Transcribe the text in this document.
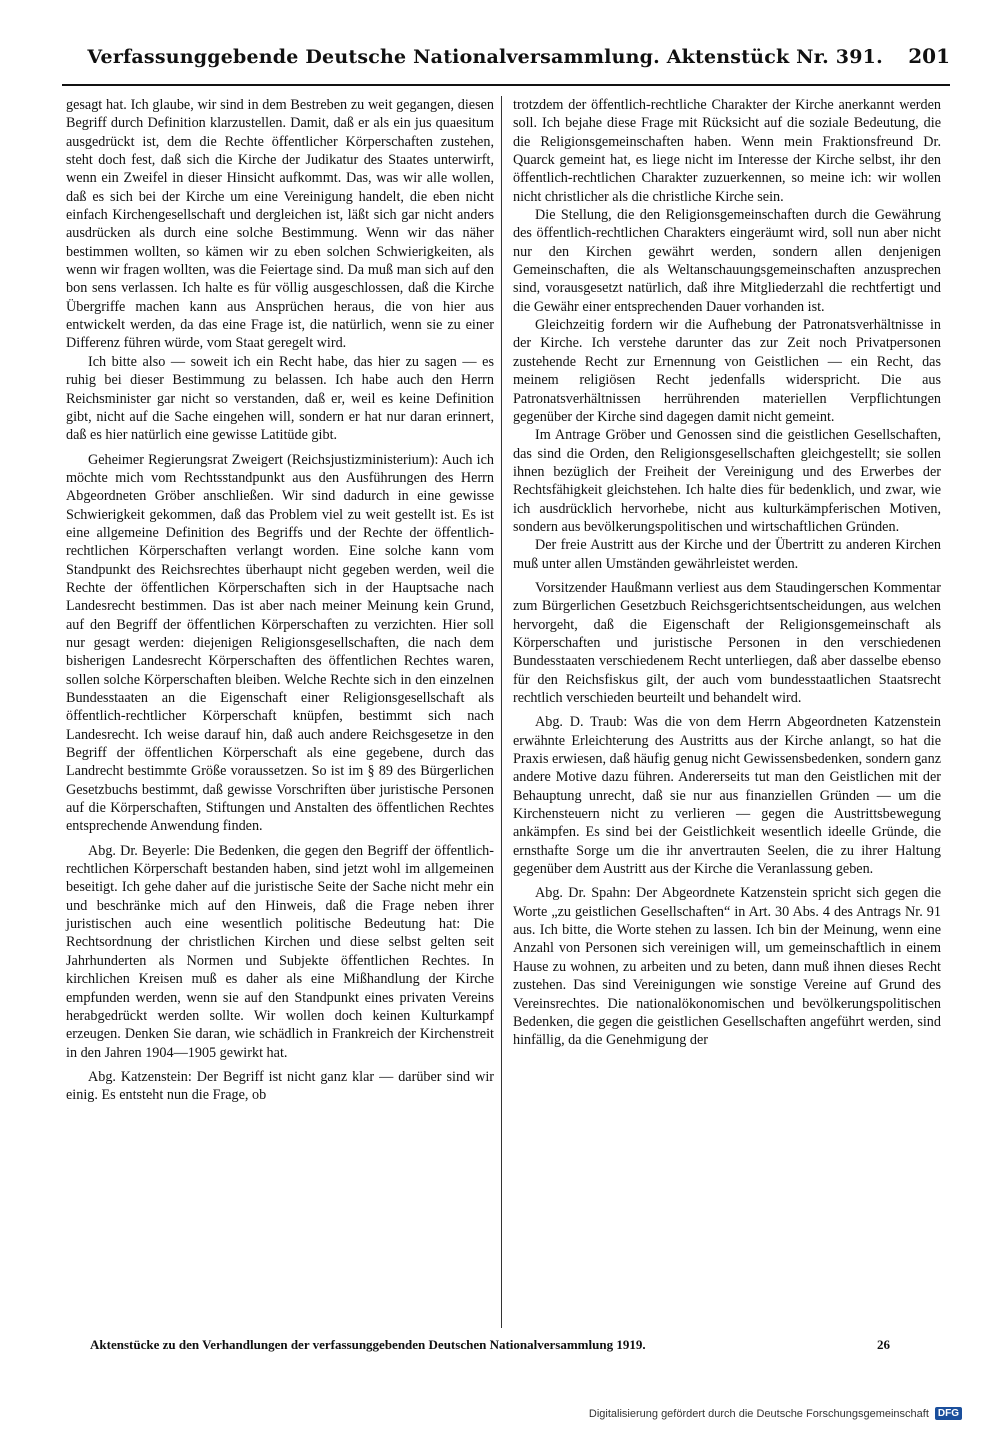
Verfassunggebende Deutsche Nationalversammlung. Aktenstück Nr. 391.	201

gesagt hat. Ich glaube, wir sind in dem Bestreben zu weit gegangen, diesen Begriff durch Definition klarzustellen. Damit, daß er als ein jus quaesitum ausgedrückt ist, dem die Rechte öffentlicher Körperschaften zustehen, steht doch fest, daß sich die Kirche der Judikatur des Staates unterwirft, wenn ein Zweifel in dieser Hinsicht aufkommt. Das, was wir alle wollen, daß es sich bei der Kirche um eine Vereinigung handelt, die eben nicht einfach Kirchengesellschaft und dergleichen ist, läßt sich gar nicht anders ausdrücken als durch eine solche Bestimmung. Wenn wir das näher bestimmen wollten, so kämen wir zu eben solchen Schwierigkeiten, als wenn wir fragen wollten, was die Feiertage sind. Da muß man sich auf den bon sens verlassen. Ich halte es für völlig ausgeschlossen, daß die Kirche Übergriffe machen kann aus Ansprüchen heraus, die von hier aus entwickelt werden, da das eine Frage ist, die natürlich, wenn sie zu einer Differenz führen würde, vom Staat geregelt wird.

Ich bitte also — soweit ich ein Recht habe, das hier zu sagen — es ruhig bei dieser Bestimmung zu belassen. Ich habe auch den Herrn Reichsminister gar nicht so verstanden, daß er, weil es keine Definition gibt, nicht auf die Sache eingehen will, sondern er hat nur daran erinnert, daß es hier natürlich eine gewisse Latitüde gibt.

Geheimer Regierungsrat Zweigert (Reichsjustizministerium): Auch ich möchte mich vom Rechtsstandpunkt aus den Ausführungen des Herrn Abgeordneten Gröber anschließen. Wir sind dadurch in eine gewisse Schwierigkeit gekommen, daß das Problem viel zu weit gestellt ist. Es ist eine allgemeine Definition des Begriffs und der Rechte der öffentlich-rechtlichen Körperschaften verlangt worden. Eine solche kann vom Standpunkt des Reichsrechtes überhaupt nicht gegeben werden, weil die Rechte der öffentlichen Körperschaften sich in der Hauptsache nach Landesrecht bestimmen. Das ist aber nach meiner Meinung kein Grund, auf den Begriff der öffentlichen Körperschaften zu verzichten. Hier soll nur gesagt werden: diejenigen Religionsgesellschaften, die nach dem bisherigen Landesrecht Körperschaften des öffentlichen Rechtes waren, sollen solche Körperschaften bleiben. Welche Rechte sich in den einzelnen Bundesstaaten an die Eigenschaft einer Religionsgesellschaft als öffentlich-rechtlicher Körperschaft knüpfen, bestimmt sich nach Landesrecht. Ich weise darauf hin, daß auch andere Reichsgesetze in den Begriff der öffentlichen Körperschaft als eine gegebene, durch das Landrecht bestimmte Größe voraussetzen. So ist im § 89 des Bürgerlichen Gesetzbuchs bestimmt, daß gewisse Vorschriften über juristische Personen auf die Körperschaften, Stiftungen und Anstalten des öffentlichen Rechtes entsprechende Anwendung finden.

Abg. Dr. Beyerle: Die Bedenken, die gegen den Begriff der öffentlich-rechtlichen Körperschaft bestanden haben, sind jetzt wohl im allgemeinen beseitigt. Ich gehe daher auf die juristische Seite der Sache nicht mehr ein und beschränke mich auf den Hinweis, daß die Frage neben ihrer juristischen auch eine wesentlich politische Bedeutung hat: Die Rechtsordnung der christlichen Kirchen und diese selbst gelten seit Jahrhunderten als Normen und Subjekte öffentlichen Rechtes. In kirchlichen Kreisen muß es daher als eine Mißhandlung der Kirche empfunden werden, wenn sie auf den Standpunkt eines privaten Vereins herabgedrückt werden sollte. Wir wollen doch keinen Kulturkampf erzeugen. Denken Sie daran, wie schädlich in Frankreich der Kirchenstreit in den Jahren 1904—1905 gewirkt hat.

Abg. Katzenstein: Der Begriff ist nicht ganz klar — darüber sind wir einig. Es entsteht nun die Frage, ob

trotzdem der öffentlich-rechtliche Charakter der Kirche anerkannt werden soll. Ich bejahe diese Frage mit Rücksicht auf die soziale Bedeutung, die die Religionsgemeinschaften haben. Wenn mein Fraktionsfreund Dr. Quarck gemeint hat, es liege nicht im Interesse der Kirche selbst, ihr den öffentlich-rechtlichen Charakter zuzuerkennen, so meine ich: wir wollen nicht christlicher als die christliche Kirche sein.

Die Stellung, die den Religionsgemeinschaften durch die Gewährung des öffentlich-rechtlichen Charakters eingeräumt wird, soll nun aber nicht nur den Kirchen gewährt werden, sondern allen denjenigen Gemeinschaften, die als Weltanschauungsgemeinschaften anzusprechen sind, vorausgesetzt natürlich, daß ihre Mitgliederzahl die rechtfertigt und die Gewähr einer entsprechenden Dauer vorhanden ist.

Gleichzeitig fordern wir die Aufhebung der Patronatsverhältnisse in der Kirche. Ich verstehe darunter das zur Zeit noch Privatpersonen zustehende Recht zur Ernennung von Geistlichen — ein Recht, das meinem religiösen Recht jedenfalls widerspricht. Die aus Patronatsverhältnissen herrührenden materiellen Verpflichtungen gegenüber der Kirche sind dagegen damit nicht gemeint.

Im Antrage Gröber und Genossen sind die geistlichen Gesellschaften, das sind die Orden, den Religionsgesellschaften gleichgestellt; sie sollen ihnen bezüglich der Freiheit der Vereinigung und des Erwerbes der Rechtsfähigkeit gleichstehen. Ich halte dies für bedenklich, und zwar, wie ich ausdrücklich hervorhebe, nicht aus kulturkämpferischen Motiven, sondern aus bevölkerungspolitischen und wirtschaftlichen Gründen.

Der freie Austritt aus der Kirche und der Übertritt zu anderen Kirchen muß unter allen Umständen gewährleistet werden.

Vorsitzender Haußmann verliest aus dem Staudingerschen Kommentar zum Bürgerlichen Gesetzbuch Reichsgerichtsentscheidungen, aus welchen hervorgeht, daß die Eigenschaft der Religionsgemeinschaft als Körperschaften und juristische Personen in den verschiedenen Bundesstaaten verschiedenem Recht unterliegen, daß aber dasselbe ebenso für den Reichsfiskus gilt, der auch vom bundesstaatlichen Staatsrecht rechtlich verschieden beurteilt und behandelt wird.

Abg. D. Traub: Was die von dem Herrn Abgeordneten Katzenstein erwähnte Erleichterung des Austritts aus der Kirche anlangt, so hat die Praxis erwiesen, daß häufig genug nicht Gewissensbedenken, sondern ganz andere Motive dazu führen. Andererseits tut man den Geistlichen mit der Behauptung unrecht, daß sie nur aus finanziellen Gründen — um die Kirchensteuern nicht zu verlieren — gegen die Austrittsbewegung ankämpfen. Es sind bei der Geistlichkeit wesentlich ideelle Gründe, die ernsthafte Sorge um die ihr anvertrauten Seelen, die zu ihrer Haltung gegenüber dem Austritt aus der Kirche die Veranlassung geben.

Abg. Dr. Spahn: Der Abgeordnete Katzenstein spricht sich gegen die Worte „zu geistlichen Gesellschaften“ in Art. 30 Abs. 4 des Antrags Nr. 91 aus. Ich bitte, die Worte stehen zu lassen. Ich bin der Meinung, wenn eine Anzahl von Personen sich vereinigen will, um gemeinschaftlich in einem Hause zu wohnen, zu arbeiten und zu beten, dann muß ihnen dieses Recht zustehen. Das sind Vereinigungen wie sonstige Vereine auf Grund des Vereinsrechtes. Die nationalökonomischen und bevölkerungspolitischen Bedenken, die gegen die geistlichen Gesellschaften angeführt werden, sind hinfällig, da die Genehmigung der

Aktenstücke zu den Verhandlungen der verfassunggebenden Deutschen Nationalversammlung 1919.	26
Digitalisierung gefördert durch die Deutsche Forschungsgemeinschaft DFG
